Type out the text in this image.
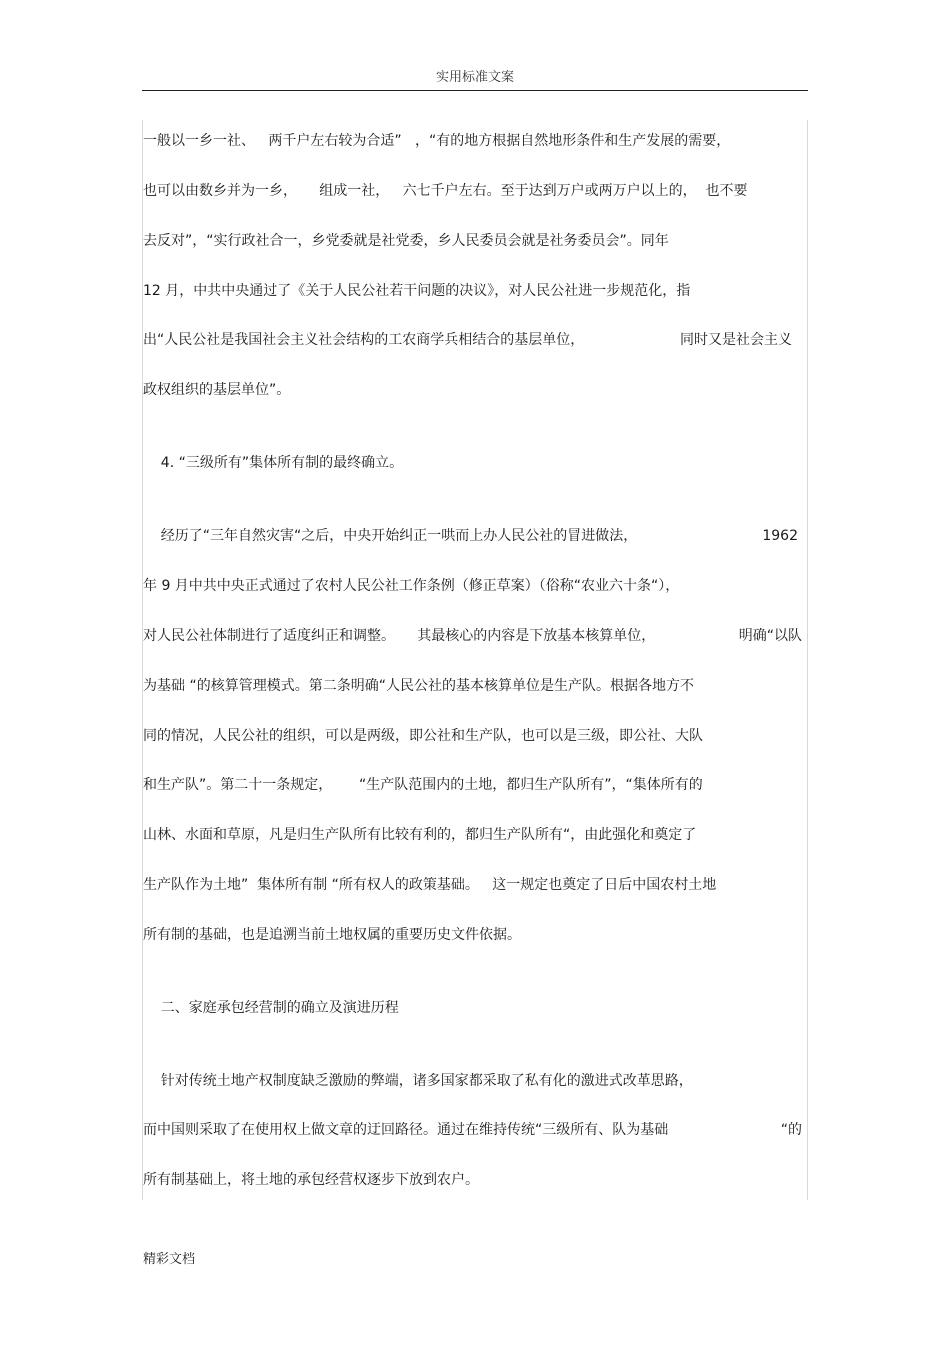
实用标准文案
一般以一乡一社、   两千户左右较为合适”   ，“有的地方根据自然地形条件和生产发展的需要，
也可以由数乡并为一乡，     组成一社，   六七千户左右。至于达到万户或两万户以上的，  也不要
去反对”，“实行政社合一，乡党委就是社党委，乡人民委员会就是社务委员会”。同年
12 月，中共中央通过了《关于人民公社若干问题的决议》，对人民公社进一步规范化，指
出“人民公社是我国社会主义社会结构的工农商学兵相结合的基层单位，	同时又是社会主义
政权组织的基层单位”。
4. “三级所有”集体所有制的最终确立。
经历了“三年自然灾害“之后，中央开始纠正一哄而上办人民公社的冒进做法，	1962
年 9 月中共中央正式通过了农村人民公社工作条例（修正草案）（俗称“农业六十条“），
对人民公社体制进行了适度纠正和调整。     其最核心的内容是下放基本核算单位，	明确“以队
为基础 “的核算管理模式。第二条明确“人民公社的基本核算单位是生产队。根据各地方不
同的情况，人民公社的组织，可以是两级，即公社和生产队，也可以是三级，即公社、大队
和生产队”。第二十一条规定，      “生产队范围内的土地，都归生产队所有”，“集体所有的
山林、水面和草原，凡是归生产队所有比较有利的，都归生产队所有“，由此强化和奠定了
生产队作为土地”  集体所有制 “所有权人的政策基础。   这一规定也奠定了日后中国农村土地
所有制的基础，也是追溯当前土地权属的重要历史文件依据。
二、家庭承包经营制的确立及演进历程
针对传统土地产权制度缺乏激励的弊端，诸多国家都采取了私有化的激进式改革思路，
而中国则采取了在使用权上做文章的迂回路径。通过在维持传统“三级所有、队为基础	“的
所有制基础上，将土地的承包经营权逐步下放到农户。
精彩文档
